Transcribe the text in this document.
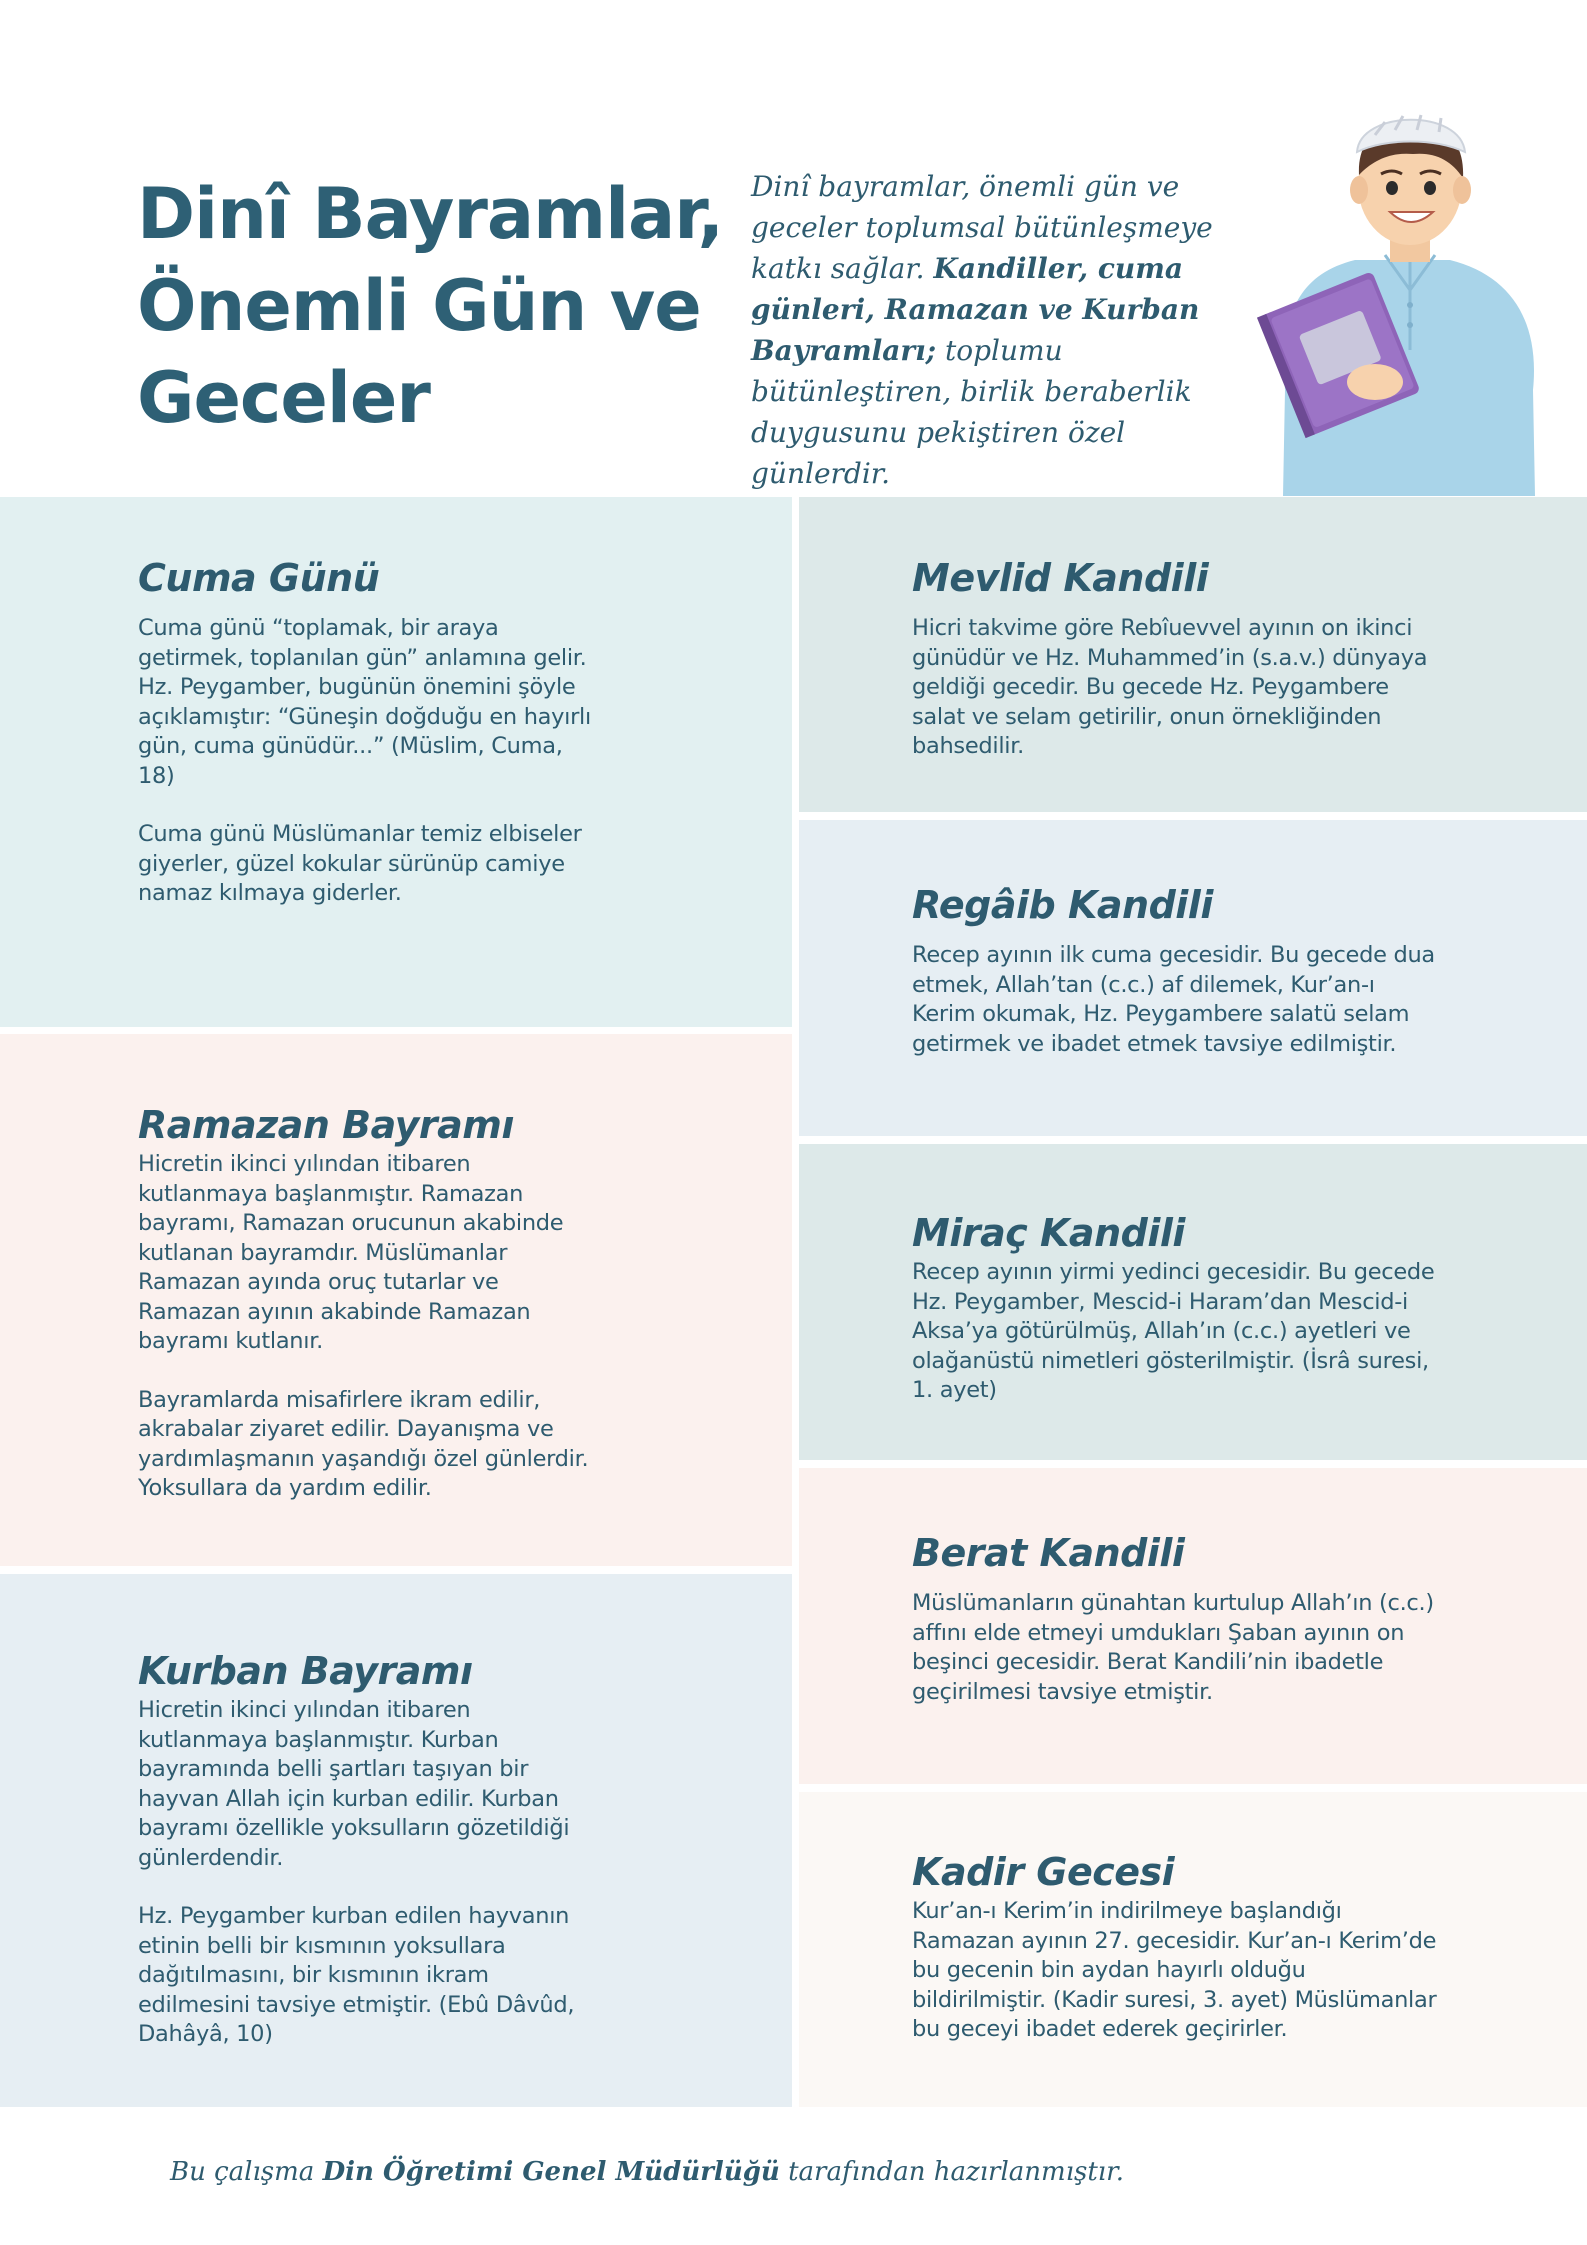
Dinî Bayramlar,
Önemli Gün ve
Geceler

Dinî bayramlar, önemli gün ve geceler toplumsal bütünleşmeye katkı sağlar. Kandiller, cuma günleri, Ramazan ve Kurban Bayramları; toplumu bütünleştiren, birlik beraberlik duygusunu pekiştiren özel günlerdir.

Cuma Günü

Cuma günü “toplamak, bir araya getirmek, toplanılan gün” anlamına gelir. Hz. Peygamber, bugünün önemini şöyle açıklamıştır: “Güneşin doğduğu en hayırlı gün, cuma günüdür...” (Müslim, Cuma, 18)

Cuma günü Müslümanlar temiz elbiseler giyerler, güzel kokular sürünüp camiye namaz kılmaya giderler.

Ramazan Bayramı

Hicretin ikinci yılından itibaren kutlanmaya başlanmıştır. Ramazan bayramı, Ramazan orucunun akabinde kutlanan bayramdır. Müslümanlar Ramazan ayında oruç tutarlar ve Ramazan ayının akabinde Ramazan bayramı kutlanır.

Bayramlarda misafirlere ikram edilir, akrabalar ziyaret edilir. Dayanışma ve yardımlaşmanın yaşandığı özel günlerdir. Yoksullara da yardım edilir.

Kurban Bayramı

Hicretin ikinci yılından itibaren kutlanmaya başlanmıştır. Kurban bayramında belli şartları taşıyan bir hayvan Allah için kurban edilir. Kurban bayramı özellikle yoksulların gözetildiği günlerdendir.

Hz. Peygamber kurban edilen hayvanın etinin belli bir kısmının yoksullara dağıtılmasını, bir kısmının ikram edilmesini tavsiye etmiştir. (Ebû Dâvûd, Dahâyâ, 10)

Mevlid Kandili

Hicri takvime göre Rebîuevvel ayının on ikinci günüdür ve Hz. Muhammed’in (s.a.v.) dünyaya geldiği gecedir. Bu gecede Hz. Peygambere salat ve selam getirilir, onun örnekliğinden bahsedilir.

Regâib Kandili

Recep ayının ilk cuma gecesidir. Bu gecede dua etmek, Allah’tan (c.c.) af dilemek, Kur’an-ı Kerim okumak, Hz. Peygambere salatü selam getirmek ve ibadet etmek tavsiye edilmiştir.

Miraç Kandili

Recep ayının yirmi yedinci gecesidir. Bu gecede Hz. Peygamber, Mescid-i Haram’dan Mescid-i Aksa’ya götürülmüş, Allah’ın (c.c.) ayetleri ve olağanüstü nimetleri gösterilmiştir. (İsrâ suresi, 1. ayet)

Berat Kandili

Müslümanların günahtan kurtulup Allah’ın (c.c.) affını elde etmeyi umdukları Şaban ayının on beşinci gecesidir. Berat Kandili’nin ibadetle geçirilmesi tavsiye etmiştir.

Kadir Gecesi

Kur’an-ı Kerim’in indirilmeye başlandığı Ramazan ayının 27. gecesidir. Kur’an-ı Kerim’de bu gecenin bin aydan hayırlı olduğu bildirilmiştir. (Kadir suresi, 3. ayet) Müslümanlar bu geceyi ibadet ederek geçirirler.

Bu çalışma Din Öğretimi Genel Müdürlüğü tarafından hazırlanmıştır.
